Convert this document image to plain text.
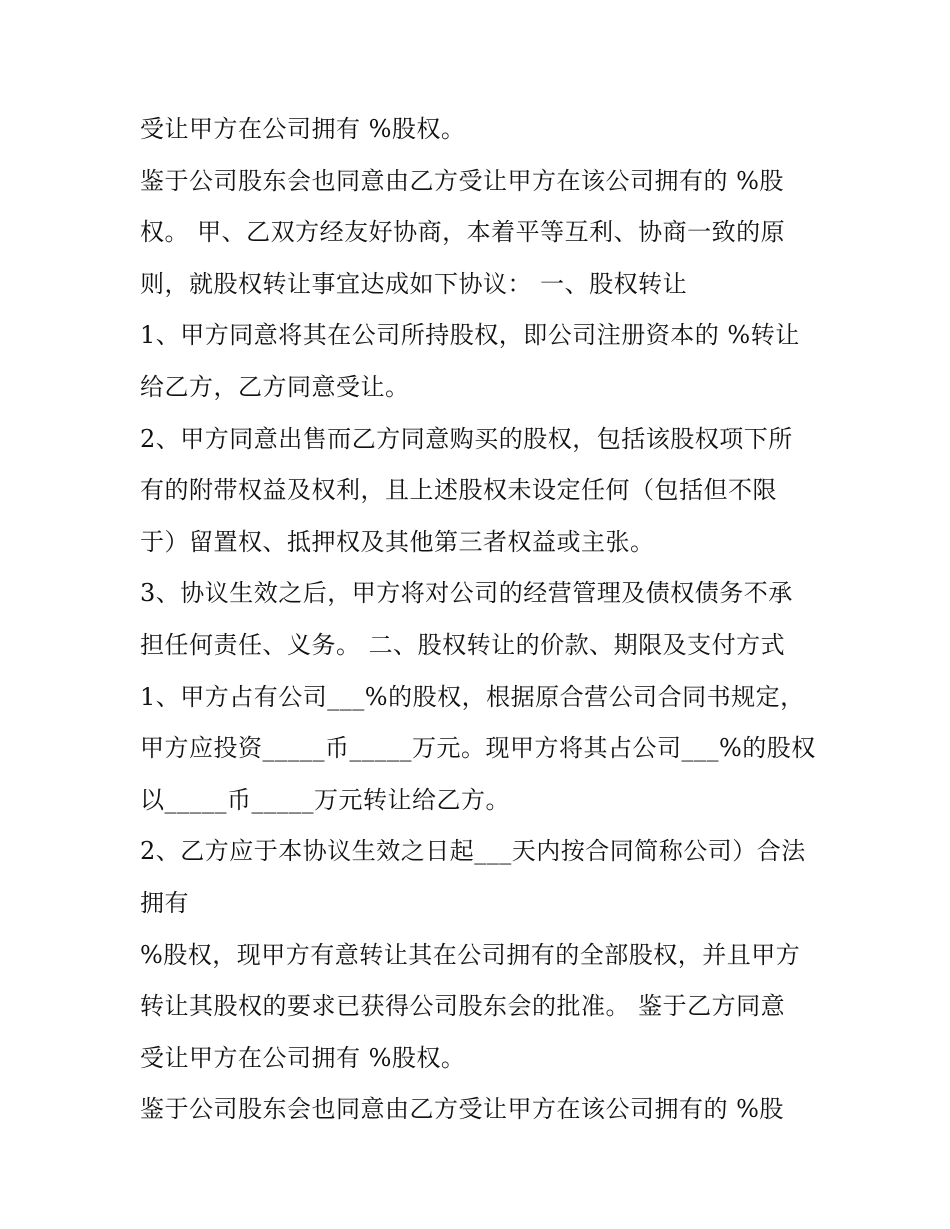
受让甲方在公司拥有 %股权。
鉴于公司股东会也同意由乙方受让甲方在该公司拥有的 %股
权。 甲、乙双方经友好协商，本着平等互利、协商一致的原
则，就股权转让事宜达成如下协议： 一、股权转让
1、甲方同意将其在公司所持股权，即公司注册资本的 %转让
给乙方，乙方同意受让。
2、甲方同意出售而乙方同意购买的股权，包括该股权项下所
有的附带权益及权利，且上述股权未设定任何（包括但不限
于）留置权、抵押权及其他第三者权益或主张。
3、协议生效之后，甲方将对公司的经营管理及债权债务不承
担任何责任、义务。 二、股权转让的价款、期限及支付方式
1、甲方占有公司___%的股权，根据原合营公司合同书规定，
甲方应投资_____币_____万元。现甲方将其占公司___%的股权
以_____币_____万元转让给乙方。
2、乙方应于本协议生效之日起___天内按合同简称公司）合法
拥有
%股权，现甲方有意转让其在公司拥有的全部股权，并且甲方
转让其股权的要求已获得公司股东会的批准。 鉴于乙方同意
受让甲方在公司拥有 %股权。
鉴于公司股东会也同意由乙方受让甲方在该公司拥有的 %股
